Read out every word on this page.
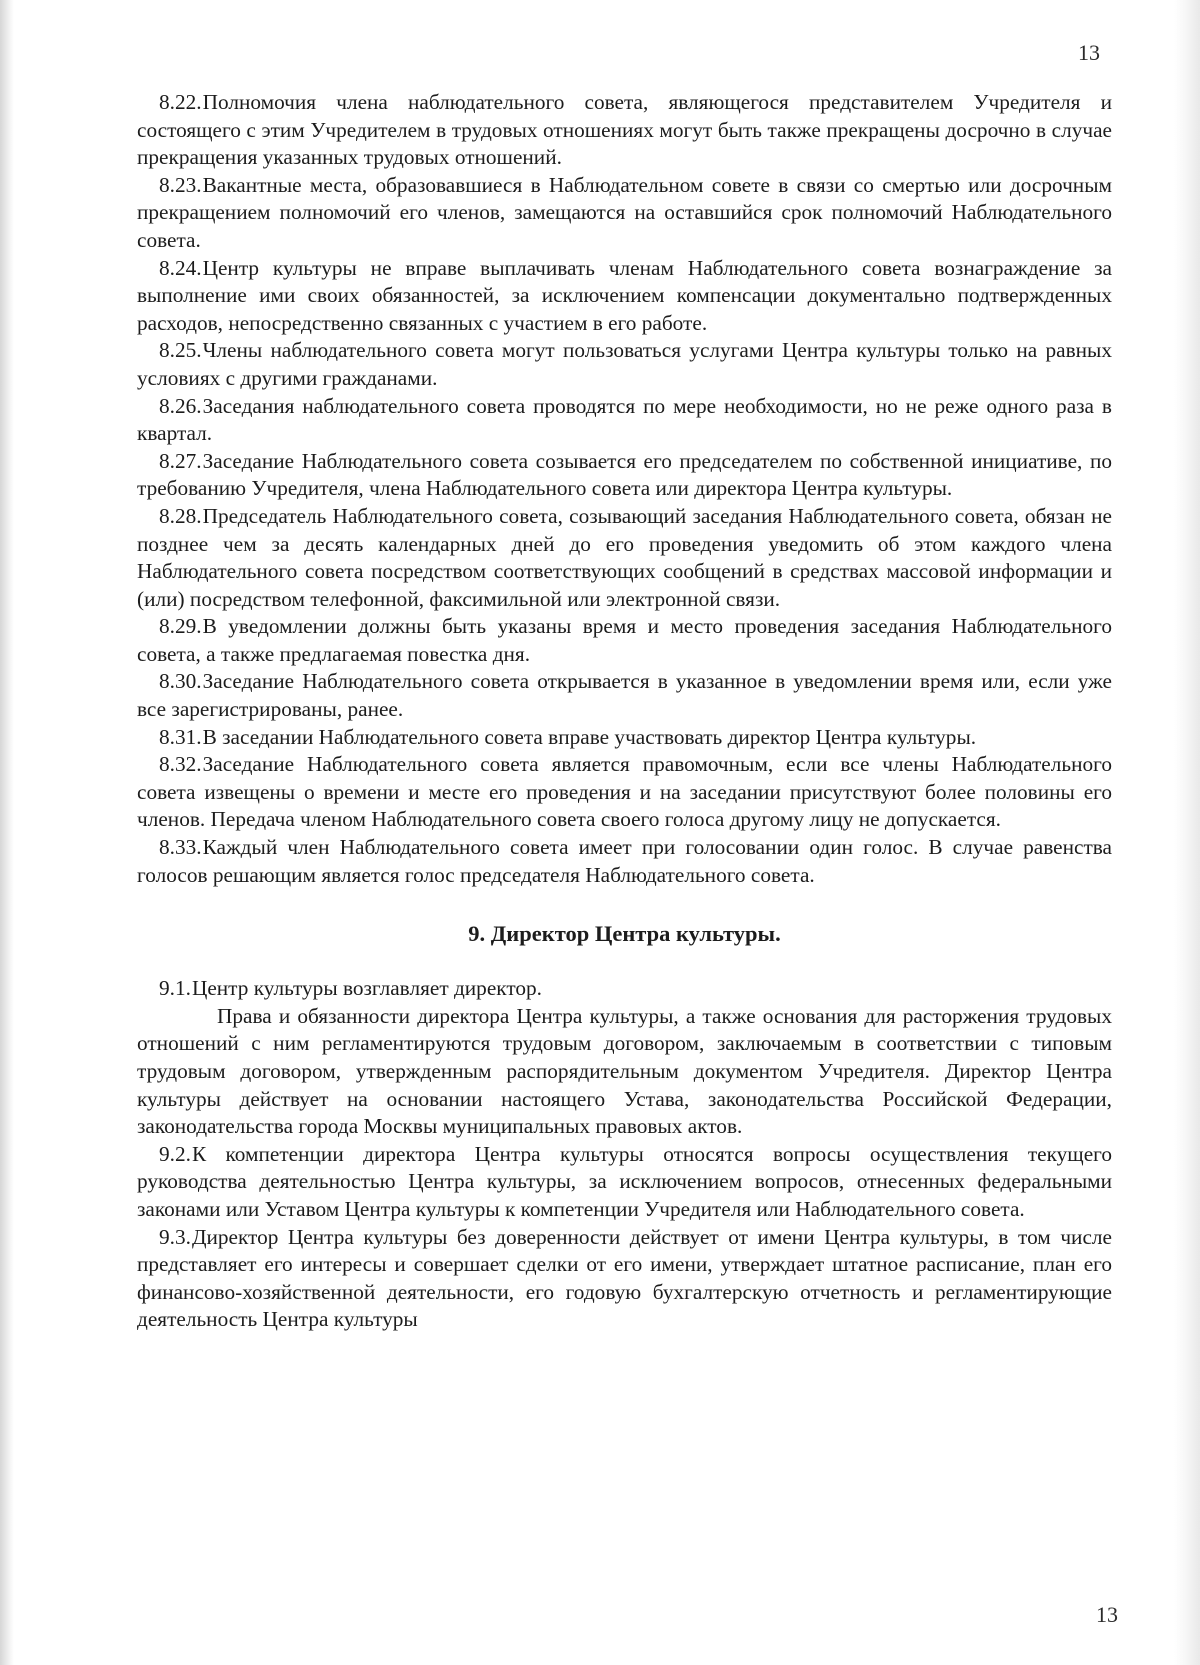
13

8.22.Полномочия члена наблюдательного совета, являющегося представителем Учредителя и состоящего с этим Учредителем в трудовых отношениях могут быть также прекращены досрочно в случае прекращения указанных трудовых отношений.

8.23.Вакантные места, образовавшиеся в Наблюдательном совете в связи со смертью или досрочным прекращением полномочий его членов, замещаются на оставшийся срок полномочий Наблюдательного совета.

8.24.Центр культуры не вправе выплачивать членам Наблюдательного совета вознаграждение за выполнение ими своих обязанностей, за исключением компенсации документально подтвержденных расходов, непосредственно связанных с участием в его работе.

8.25.Члены наблюдательного совета могут пользоваться услугами Центра культуры только на равных условиях с другими гражданами.

8.26.Заседания наблюдательного совета проводятся по мере необходимости, но не реже одного раза в квартал.

8.27.Заседание Наблюдательного совета созывается его председателем по собственной инициативе, по требованию Учредителя, члена Наблюдательного совета или директора Центра культуры.

8.28.Председатель Наблюдательного совета, созывающий заседания Наблюдательного совета, обязан не позднее чем за десять календарных дней до его проведения уведомить об этом каждого члена Наблюдательного совета посредством соответствующих сообщений в средствах массовой информации и (или) посредством телефонной, факсимильной или электронной связи.

8.29.В уведомлении должны быть указаны время и место проведения заседания Наблюдательного совета, а также предлагаемая повестка дня.

8.30.Заседание Наблюдательного совета открывается в указанное в уведомлении время или, если уже все зарегистрированы, ранее.

8.31.В заседании Наблюдательного совета вправе участвовать директор Центра культуры.

8.32.Заседание Наблюдательного совета является правомочным, если все члены Наблюдательного совета извещены о времени и месте его проведения и на заседании присутствуют более половины его членов. Передача членом Наблюдательного совета своего голоса другому лицу не допускается.

8.33.Каждый член Наблюдательного совета имеет при голосовании один голос. В случае равенства голосов решающим является голос председателя Наблюдательного совета.

9. Директор Центра культуры.

9.1.Центр культуры возглавляет директор.

Права и обязанности директора Центра культуры, а также основания для расторжения трудовых отношений с ним регламентируются трудовым договором, заключаемым в соответствии с типовым трудовым договором, утвержденным распорядительным документом Учредителя. Директор Центра культуры действует на основании настоящего Устава, законодательства Российской Федерации, законодательства города Москвы муниципальных правовых актов.

9.2.К компетенции директора Центра культуры относятся вопросы осуществления текущего руководства деятельностью Центра культуры, за исключением вопросов, отнесенных федеральными законами или Уставом Центра культуры к компетенции Учредителя или Наблюдательного совета.

9.3.Директор Центра культуры без доверенности действует от имени Центра культуры, в том числе представляет его интересы и совершает сделки от его имени, утверждает штатное расписание, план его финансово-хозяйственной деятельности, его годовую бухгалтерскую отчетность и регламентирующие деятельность Центра культуры

13
